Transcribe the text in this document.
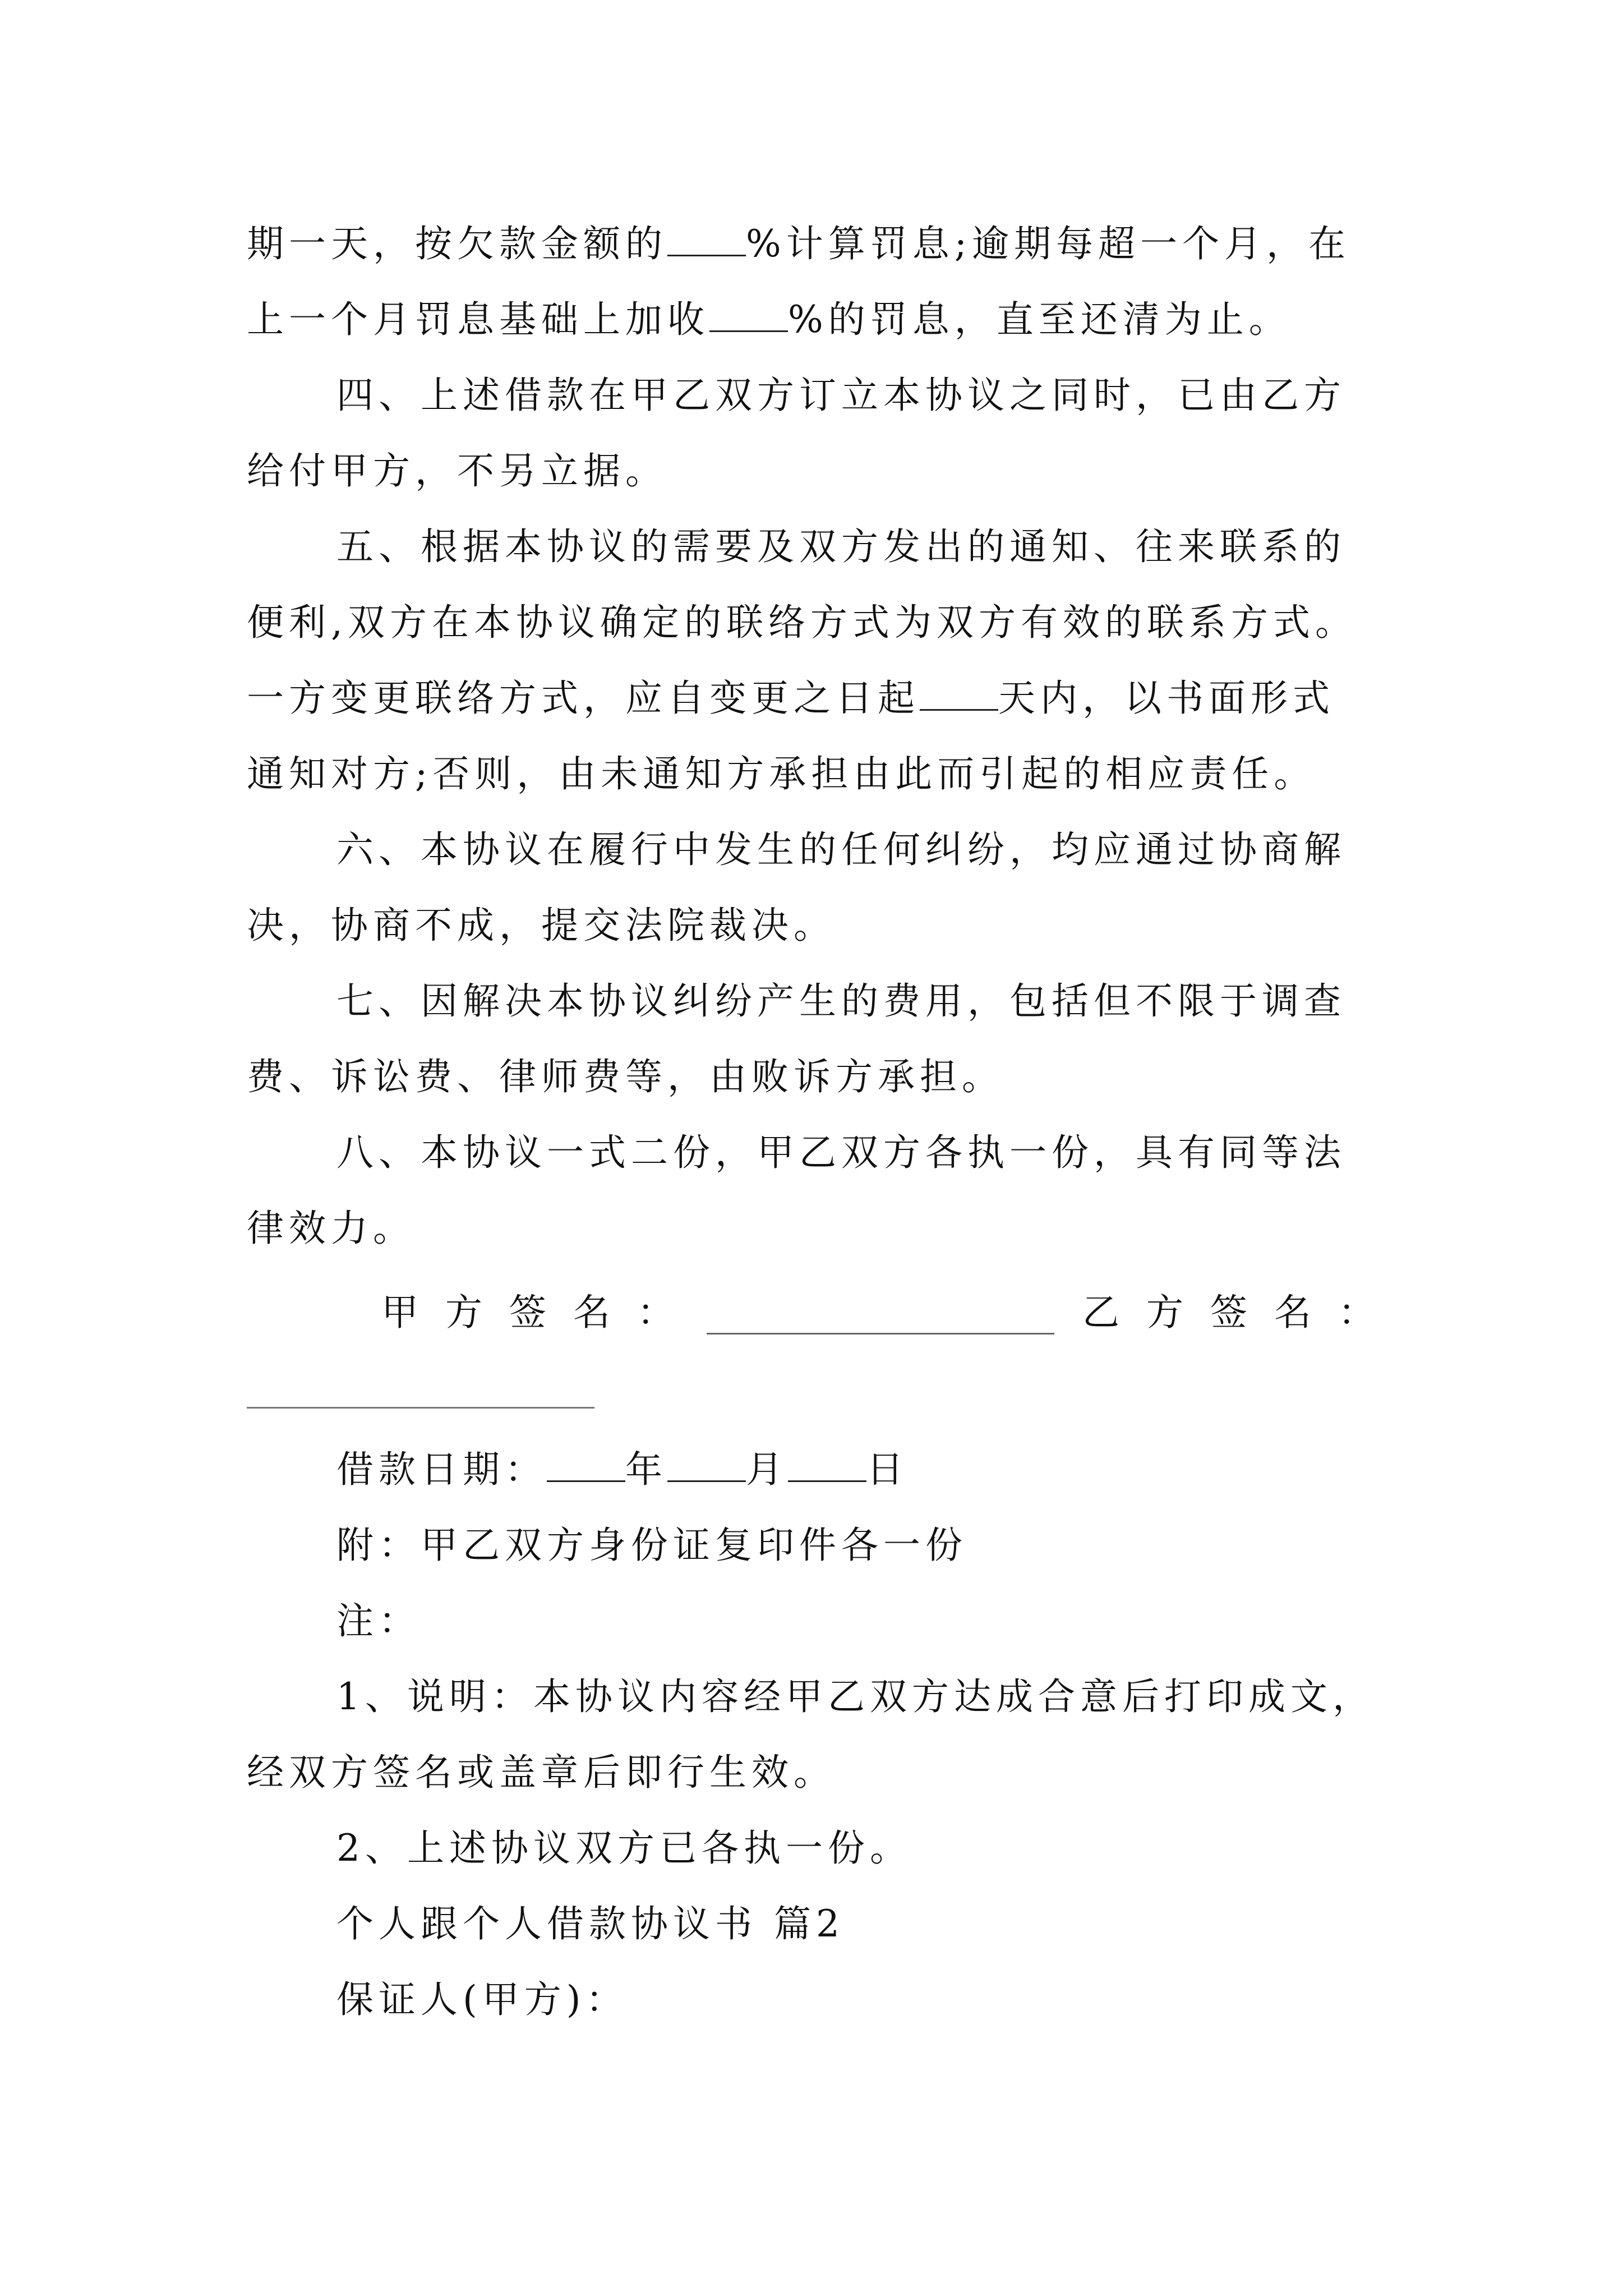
期一天，按欠款金额的 %计算罚息;逾期每超一个月，在
上一个月罚息基础上加收 %的罚息，直至还清为止。
四、上述借款在甲乙双方订立本协议之同时，已由乙方
给付甲方，不另立据。
五、根据本协议的需要及双方发出的通知、往来联系的
便利,双方在本协议确定的联络方式为双方有效的联系方式。
一方变更联络方式，应自变更之日起 天内，以书面形式
通知对方;否则，由未通知方承担由此而引起的相应责任。
六、本协议在履行中发生的任何纠纷，均应通过协商解
决，协商不成，提交法院裁决。
七、因解决本协议纠纷产生的费用，包括但不限于调查
费、诉讼费、律师费等，由败诉方承担。
八、本协议一式二份，甲乙双方各执一份，具有同等法
律效力。
甲方签名：	乙方签名：
借款日期： 年 月 日
附：甲乙双方身份证复印件各一份
注：
1、说明：本协议内容经甲乙双方达成合意后打印成文，
经双方签名或盖章后即行生效。
2、上述协议双方已各执一份。
个人跟个人借款协议书 篇2
保证人(甲方)：
